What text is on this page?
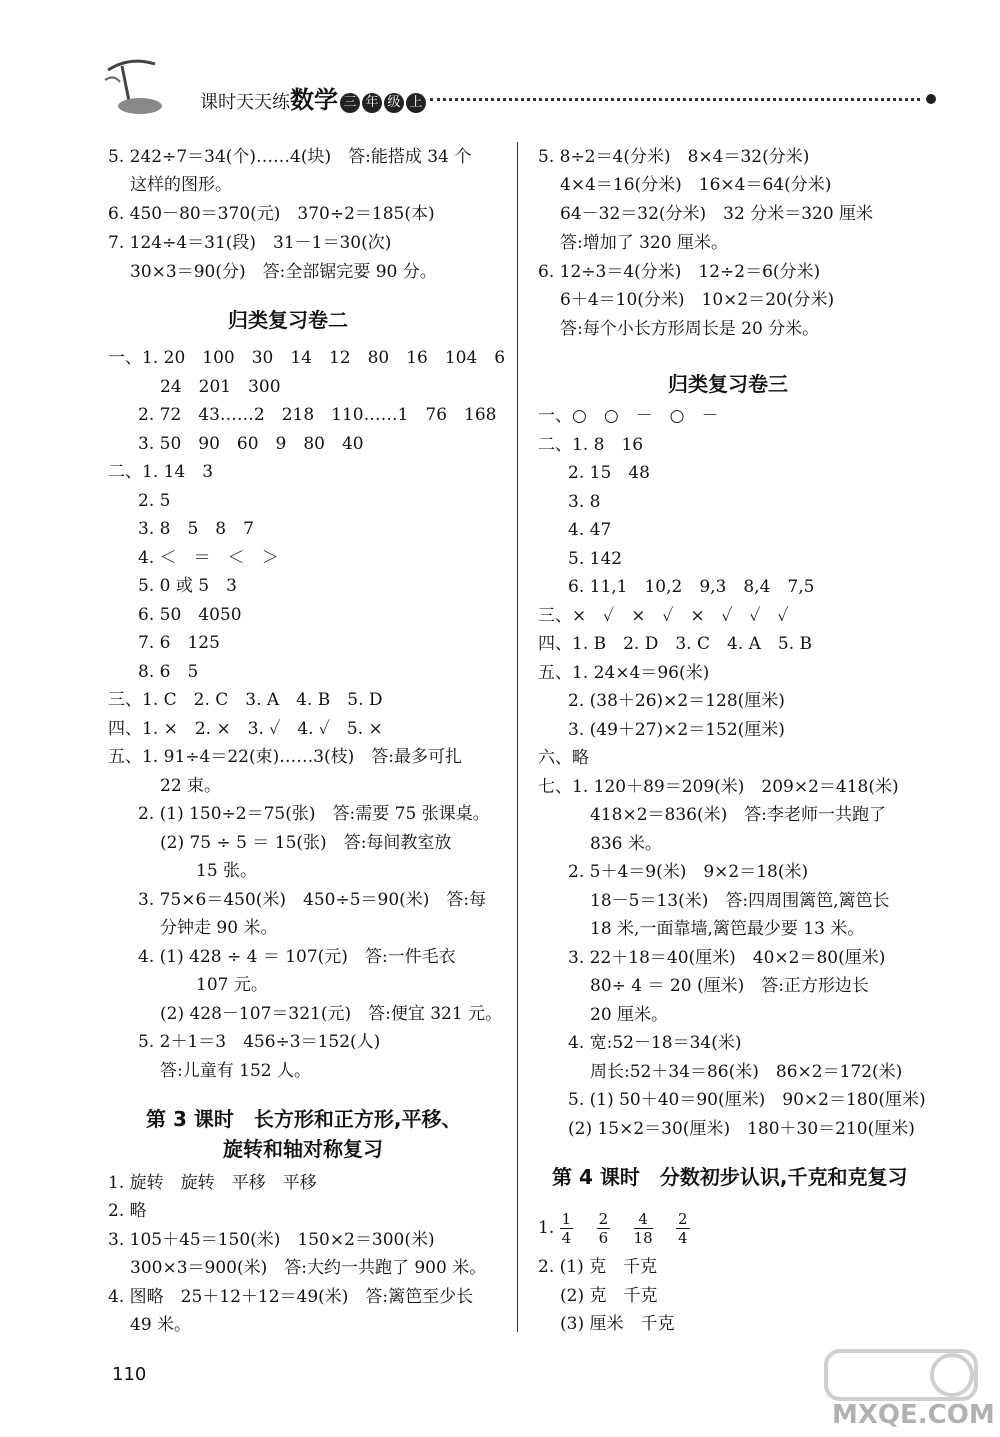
课时天天练数学 三 年 级 上
5. 242÷7＝34(个)……4(块)　答:能搭成 34 个
这样的图形。
6. 450－80＝370(元)　370÷2＝185(本)
7. 124÷4＝31(段)　31－1＝30(次)
30×3＝90(分)　答:全部锯完要 90 分。
归类复习卷二
一、1. 20　100　30　14　12　80　16　104　6
24　201　300
2. 72　43……2　218　110……1　76　168
3. 50　90　60　9　80　40
二、1. 14　3
2. 5
3. 8　5　8　7
4. ＜　＝　＜　＞
5. 0 或 5　3
6. 50　4050
7. 6　125
8. 6　5
三、1. C　2. C　3. A　4. B　5. D
四、1. ×　2. ×　3. ✓　4. ✓　5. ×
五、1. 91÷4＝22(束)……3(枝)　答:最多可扎
22 束。
2. (1) 150÷2＝75(张)　答:需要 75 张课桌。
(2) 75 ÷ 5 ＝ 15(张)　答:每间教室放
15 张。
3. 75×6＝450(米)　450÷5＝90(米)　答:每
分钟走 90 米。
4. (1) 428 ÷ 4 ＝ 107(元)　答:一件毛衣
107 元。
(2) 428－107＝321(元)　答:便宜 321 元。
5. 2＋1＝3　456÷3＝152(人)
答:儿童有 152 人。
第 3 课时　长方形和正方形,平移、
旋转和轴对称复习
1. 旋转　旋转　平移　平移
2. 略
3. 105＋45＝150(米)　150×2＝300(米)
300×3＝900(米)　答:大约一共跑了 900 米。
4. 图略　25＋12＋12＝49(米)　答:篱笆至少长
49 米。
5. 8÷2＝4(分米)　8×4＝32(分米)
4×4＝16(分米)　16×4＝64(分米)
64－32＝32(分米)　32 分米＝320 厘米
答:增加了 320 厘米。
6. 12÷3＝4(分米)　12÷2＝6(分米)
6＋4＝10(分米)　10×2＝20(分米)
答:每个小长方形周长是 20 分米。
归类复习卷三
一、○　○　－　○　－
二、1. 8　16
2. 15　48
3. 8
4. 47
5. 142
6. 11,1　10,2　9,3　8,4　7,5
三、×　✓　×　✓　×　✓　✓　✓
四、1. B　2. D　3. C　4. A　5. B
五、1. 24×4＝96(米)
2. (38＋26)×2＝128(厘米)
3. (49＋27)×2＝152(厘米)
六、略
七、1. 120＋89＝209(米)　209×2＝418(米)
418×2＝836(米)　答:李老师一共跑了
836 米。
2. 5＋4＝9(米)　9×2＝18(米)
18－5＝13(米)　答:四周围篱笆,篱笆长
18 米,一面靠墙,篱笆最少要 13 米。
3. 22＋18＝40(厘米)　40×2＝80(厘米)
80÷ 4 ＝ 20 (厘米)　答:正方形边长
20 厘米。
4. 宽:52－18＝34(米)
周长:52＋34＝86(米)　86×2＝172(米)
5. (1) 50＋40＝90(厘米)　90×2＝180(厘米)
(2) 15×2＝30(厘米)　180＋30＝210(厘米)
第 4 课时　分数初步认识,千克和克复习
1. $\frac{1}{4}$
$\frac{2}{6}$
$\frac{4}{18}$
$\frac{2}{4}$
2. (1) 克　千克
(2) 克　千克
(3) 厘米　千克
110
MXQE.COM
